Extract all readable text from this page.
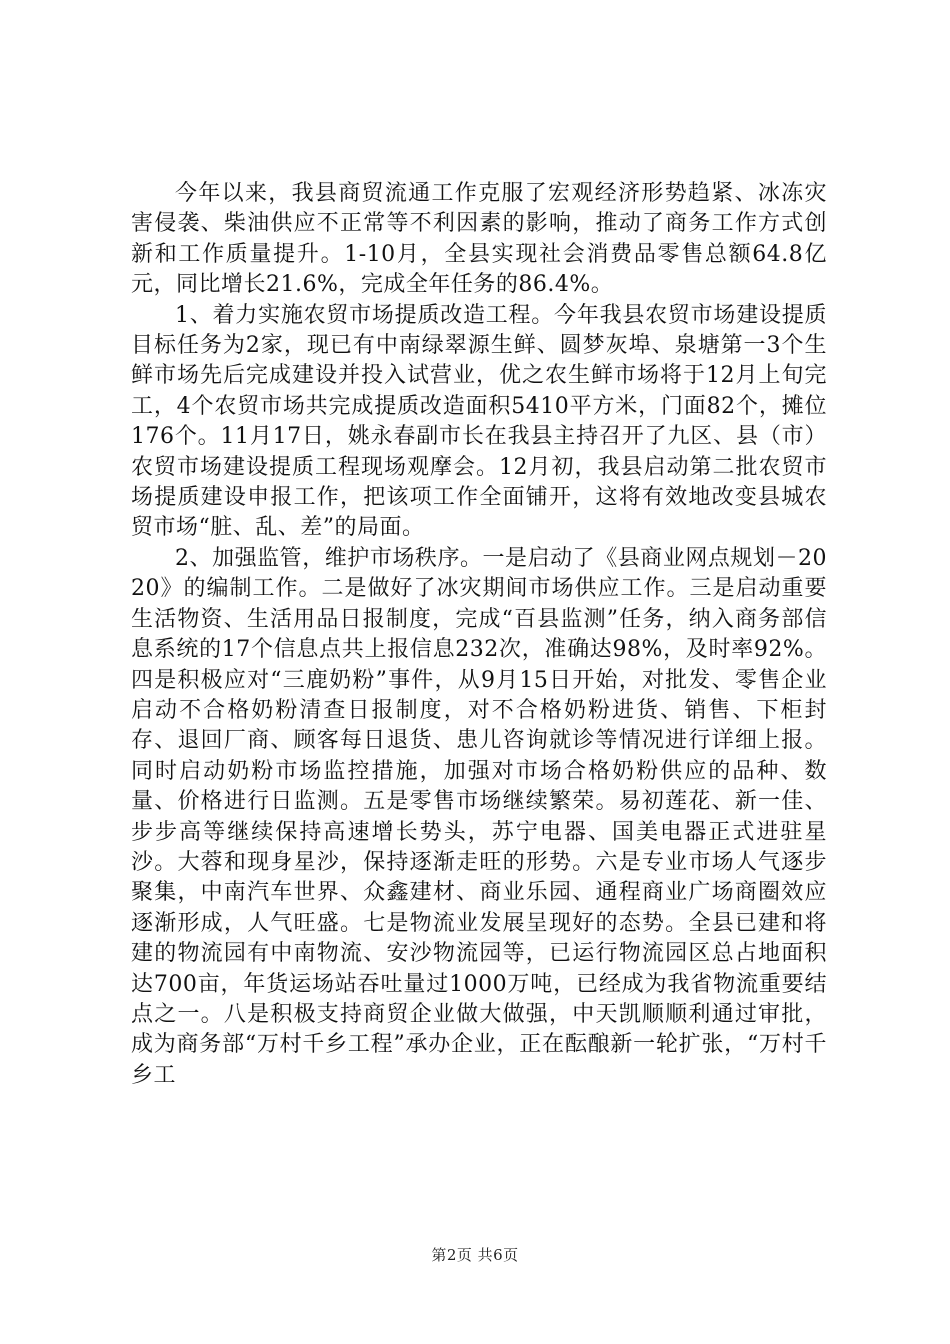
今年以来，我县商贸流通工作克服了宏观经济形势趋紧、冰冻灾害侵袭、柴油供应不正常等不利因素的影响，推动了商务工作方式创新和工作质量提升。1-10月，全县实现社会消费品零售总额64.8亿元，同比增长21.6%，完成全年任务的86.4%。

1、着力实施农贸市场提质改造工程。今年我县农贸市场建设提质目标任务为2家，现已有中南绿翠源生鲜、圆梦灰埠、泉塘第一3个生鲜市场先后完成建设并投入试营业，优之农生鲜市场将于12月上旬完工，4个农贸市场共完成提质改造面积5410平方米，门面82个，摊位176个。11月17日，姚永春副市长在我县主持召开了九区、县（市）农贸市场建设提质工程现场观摩会。12月初，我县启动第二批农贸市场提质建设申报工作，把该项工作全面铺开，这将有效地改变县城农贸市场“脏、乱、差”的局面。

2、加强监管，维护市场秩序。一是启动了《县商业网点规划－2020》的编制工作。二是做好了冰灾期间市场供应工作。三是启动重要生活物资、生活用品日报制度，完成“百县监测”任务，纳入商务部信息系统的17个信息点共上报信息232次，准确达98%，及时率92%。四是积极应对“三鹿奶粉”事件，从9月15日开始，对批发、零售企业启动不合格奶粉清查日报制度，对不合格奶粉进货、销售、下柜封存、退回厂商、顾客每日退货、患儿咨询就诊等情况进行详细上报。同时启动奶粉市场监控措施，加强对市场合格奶粉供应的品种、数量、价格进行日监测。五是零售市场继续繁荣。易初莲花、新一佳、步步高等继续保持高速增长势头，苏宁电器、国美电器正式进驻星沙。大蓉和现身星沙，保持逐渐走旺的形势。六是专业市场人气逐步聚集，中南汽车世界、众鑫建材、商业乐园、通程商业广场商圈效应逐渐形成，人气旺盛。七是物流业发展呈现好的态势。全县已建和将建的物流园有中南物流、安沙物流园等，已运行物流园区总占地面积达700亩，年货运场站吞吐量过1000万吨，已经成为我省物流重要结点之一。八是积极支持商贸企业做大做强，中天凯顺顺利通过审批，成为商务部“万村千乡工程”承办企业，正在酝酿新一轮扩张，“万村千乡工

第2页 共6页
